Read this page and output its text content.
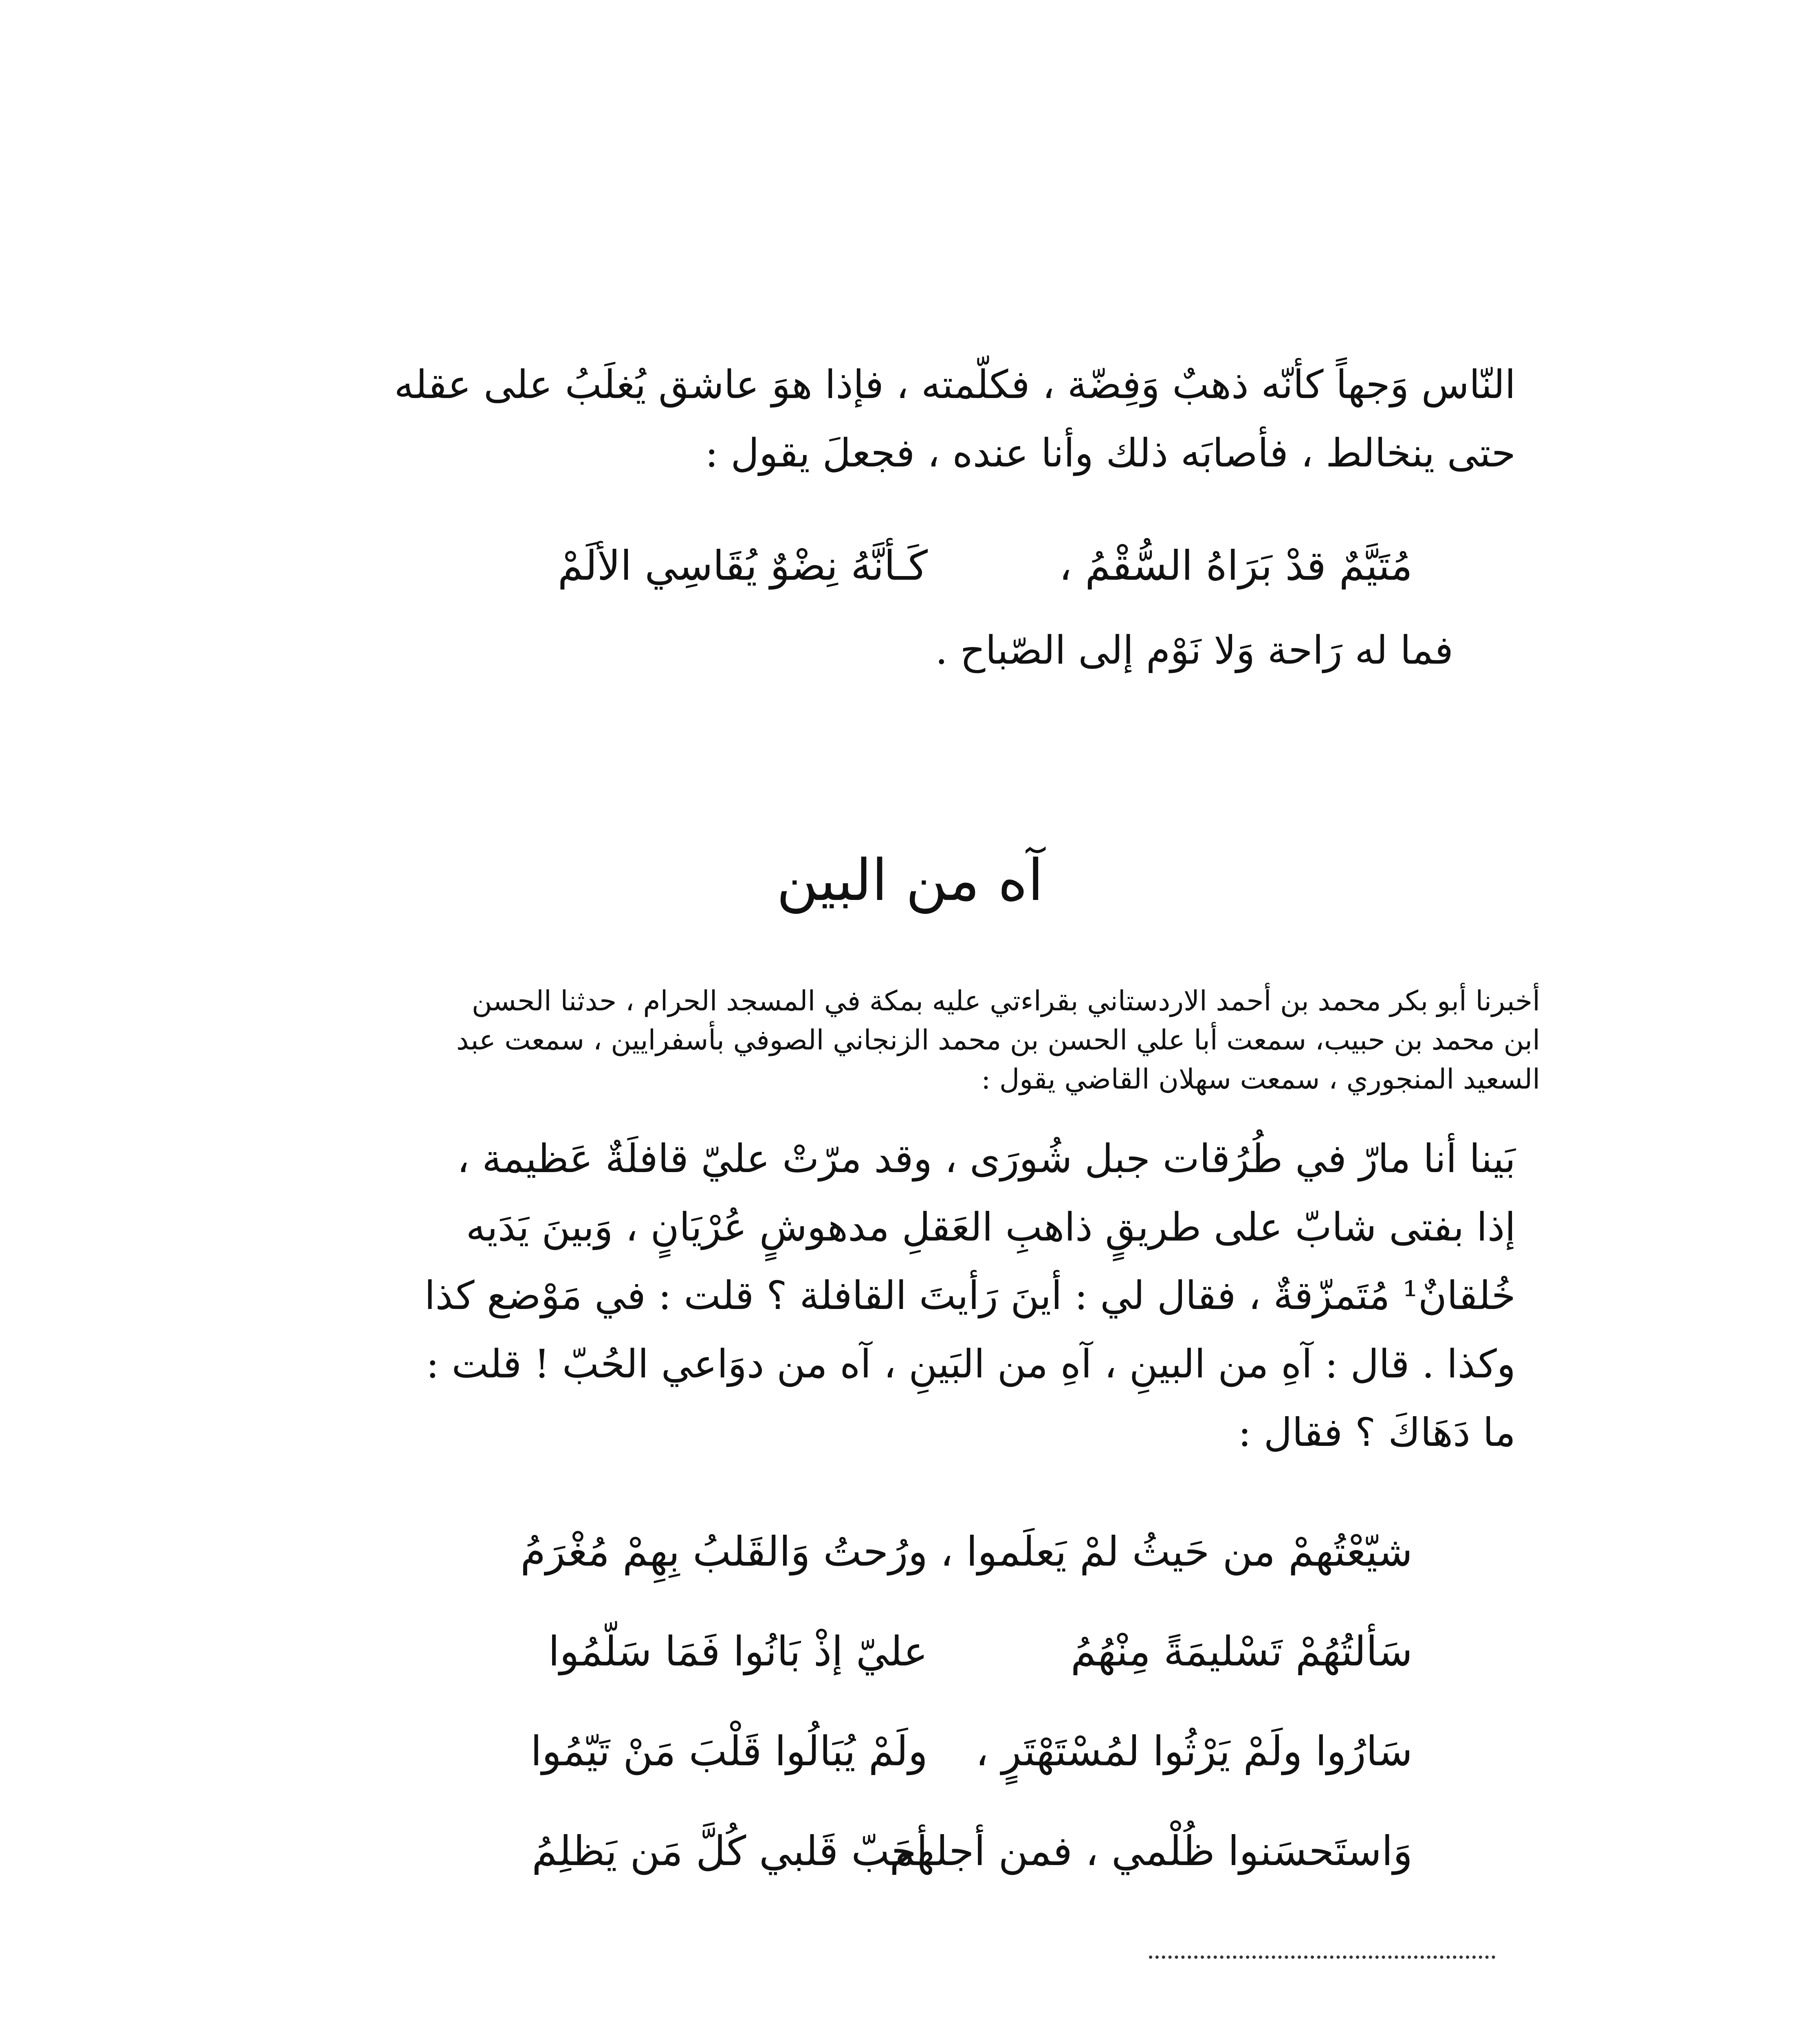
النّاس وَجهاً كأنّه ذهبٌ وَفِضّة ، فكلّمته ، فإذا هوَ عاشق يُغلَبُ على عقله
حتى ينخالط ، فأصابَه ذلك وأنا عنده ، فجعلَ يقول :
مُتَيَّمٌ قدْ بَرَاهُ السُّقْمُ ،
كَـأنَّهُ نِضْوٌ يُقَاسِي الألَمْ
فما له رَاحة وَلا نَوْم إلى الصّباح .
آه من البين
أخبرنا أبو بكر محمد بن أحمد الاردستاني بقراءتي عليه بمكة في المسجد الحرام ، حدثنا الحسن
ابن محمد بن حبيب، سمعت أبا علي الحسن بن محمد الزنجاني الصوفي بأسفرايين ، سمعت عبد
السعيد المنجوري ، سمعت سهلان القاضي يقول :
بَينا أنا مارّ في طُرُقات جبل شُورَى ، وقد مرّتْ عليّ قافلَةٌ عَظيمة ،
إذا بفتى شابّ على طريقٍ ذاهبِ العَقلِ مدهوشٍ عُرْيَانٍ ، وَبينَ يَدَيه
خُلقانٌ¹ مُتَمزّقةٌ ، فقال لي : أينَ رَأيتَ القافلة ؟ قلت : في مَوْضع كذا
وكذا . قال : آهِ من البينِ ، آهِ من البَينِ ، آه من دوَاعي الحُبّ ! قلت :
ما دَهَاكَ ؟ فقال :
شيّعْتُهمْ من حَيثُ لمْ يَعلَموا ،
ورُحتُ وَالقَلبُ بِهِمْ مُغْرَمُ
سَألتُهُمْ تَسْليمَةً مِنْهُمُ
عليّ إذْ بَانُوا فَمَا سَلّمُوا
سَارُوا ولَمْ يَرْثُوا لمُسْتَهْتَرٍ ،
ولَمْ يُبَالُوا قَلْبَ مَنْ تَيّمُوا
وَاستَحسَنوا ظُلْمي ، فمن أجلهم
أحَبّ قَلبي كُلَّ مَن يَظلِمُ
